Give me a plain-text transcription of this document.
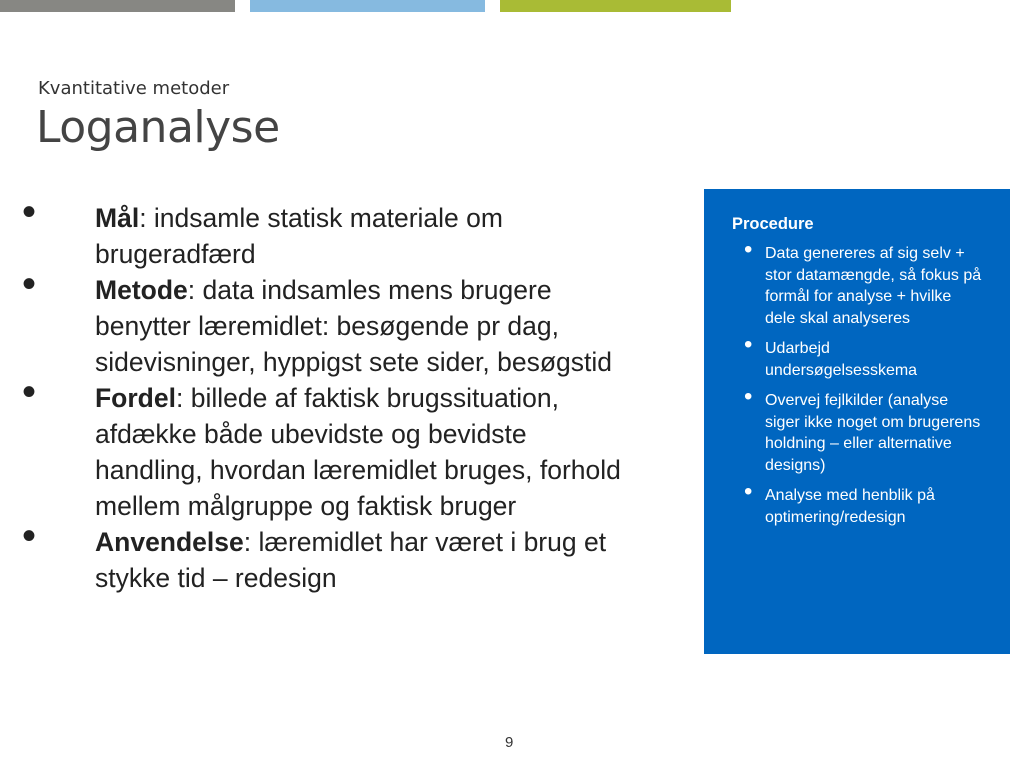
Kvantitative metoder
Loganalyse
• Mål: indsamle statisk materiale om brugeradfærd
• Metode: data indsamles mens brugere benytter læremidlet: besøgende pr dag, sidevisninger, hyppigst sete sider, besøgstid
• Fordel: billede af faktisk brugssituation, afdække både ubevidste og bevidste handling, hvordan læremidlet bruges, forhold mellem målgruppe og faktisk bruger
• Anvendelse: læremidlet har været i brug et stykke tid – redesign
Procedure
• Data genereres af sig selv + stor datamængde, så fokus på formål for analyse + hvilke dele skal analyseres
• Udarbejd undersøgelsesskema
• Overvej fejlkilder (analyse siger ikke noget om brugerens holdning – eller alternative designs)
• Analyse med henblik på optimering/redesign
9
